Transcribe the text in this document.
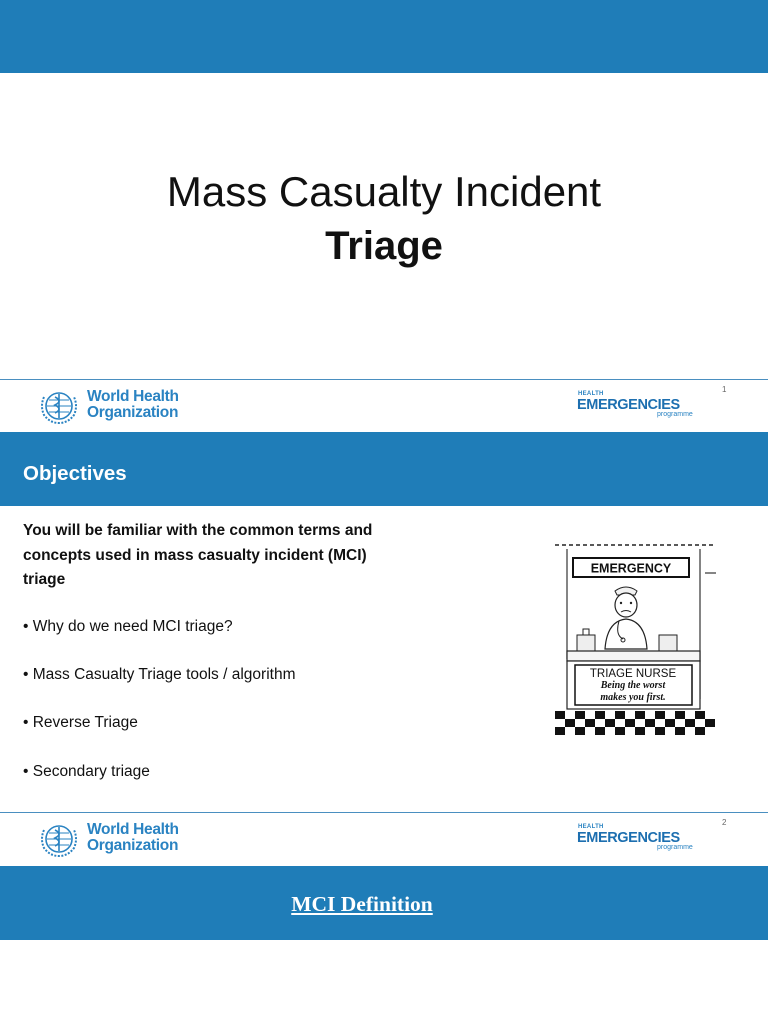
Mass Casualty Incident
Triage
World Health
Organization
HEALTH
EMERGENCIES
programme
1
Objectives
You will be familiar with the common terms and concepts used in mass casualty incident (MCI) triage
• Why do we need MCI triage?
• Mass Casualty Triage tools / algorithm
• Reverse Triage
• Secondary triage
EMERGENCY
TRIAGE NURSE
Being the worst
makes you first.
World Health
Organization
HEALTH
EMERGENCIES
programme
2
MCI Definition
